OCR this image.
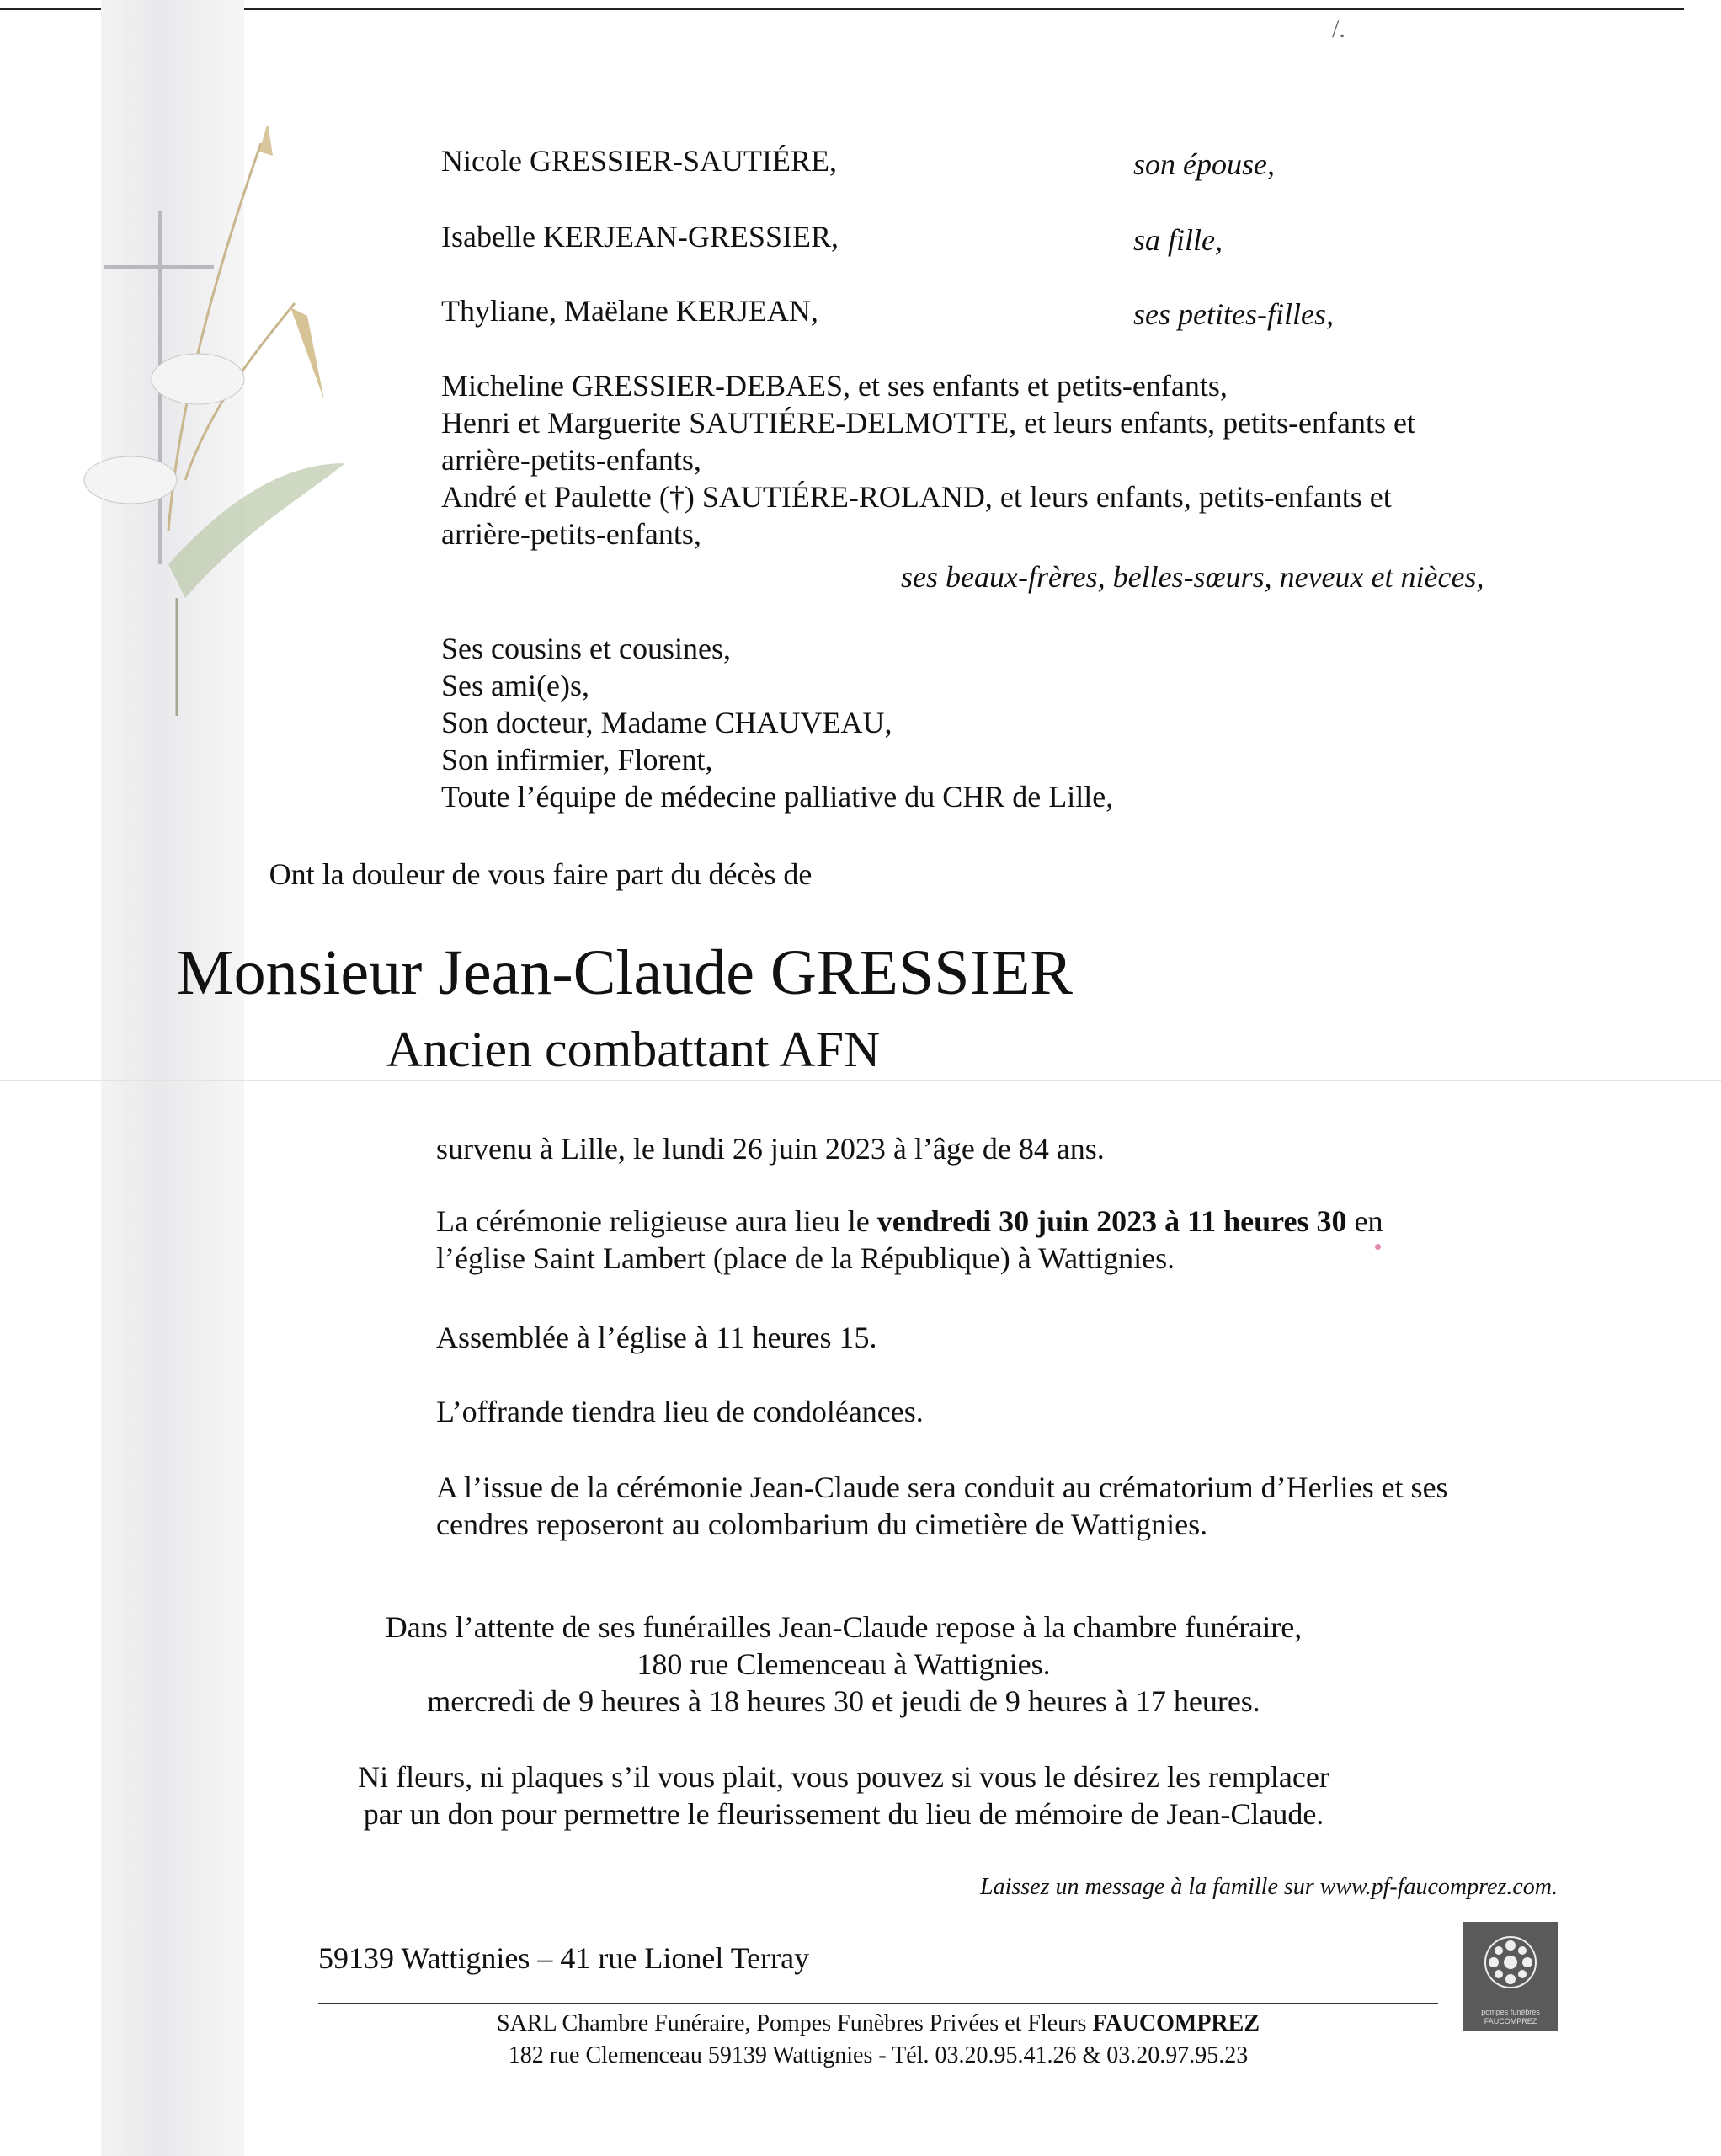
/.
Nicole GRESSIER-SAUTIÉRE,	son épouse,
Isabelle KERJEAN-GRESSIER,	sa fille,
Thyliane, Maëlane KERJEAN,	ses petites-filles,
Micheline GRESSIER-DEBAES, et ses enfants et petits-enfants,
Henri et Marguerite SAUTIÉRE-DELMOTTE, et leurs enfants, petits-enfants et
arrière-petits-enfants,
André et Paulette (†) SAUTIÉRE-ROLAND, et leurs enfants, petits-enfants et
arrière-petits-enfants,
ses beaux-frères, belles-sœurs, neveux et nièces,
Ses cousins et cousines,
Ses ami(e)s,
Son docteur, Madame CHAUVEAU,
Son infirmier, Florent,
Toute l’équipe de médecine palliative du CHR de Lille,
Ont la douleur de vous faire part du décès de
Monsieur Jean-Claude GRESSIER
Ancien combattant AFN
survenu à Lille, le lundi 26 juin 2023 à l’âge de 84 ans.
La cérémonie religieuse aura lieu le vendredi 30 juin 2023 à 11 heures 30 en
l’église Saint Lambert (place de la République) à Wattignies.
Assemblée à l’église à 11 heures 15.
L’offrande tiendra lieu de condoléances.
A l’issue de la cérémonie Jean-Claude sera conduit au crématorium d’Herlies et ses
cendres reposeront au colombarium du cimetière de Wattignies.
Dans l’attente de ses funérailles Jean-Claude repose à la chambre funéraire,
180 rue Clemenceau à Wattignies.
mercredi de 9 heures à 18 heures 30 et jeudi de 9 heures à 17 heures.
Ni fleurs, ni plaques s’il vous plait, vous pouvez si vous le désirez les remplacer
par un don pour permettre le fleurissement du lieu de mémoire de Jean-Claude.
Laissez un message à la famille sur www.pf-faucomprez.com.
59139 Wattignies – 41 rue Lionel Terray
SARL Chambre Funéraire, Pompes Funèbres Privées et Fleurs FAUCOMPREZ
182 rue Clemenceau 59139 Wattignies - Tél. 03.20.95.41.26 & 03.20.97.95.23
pompes funèbres
FAUCOMPREZ
